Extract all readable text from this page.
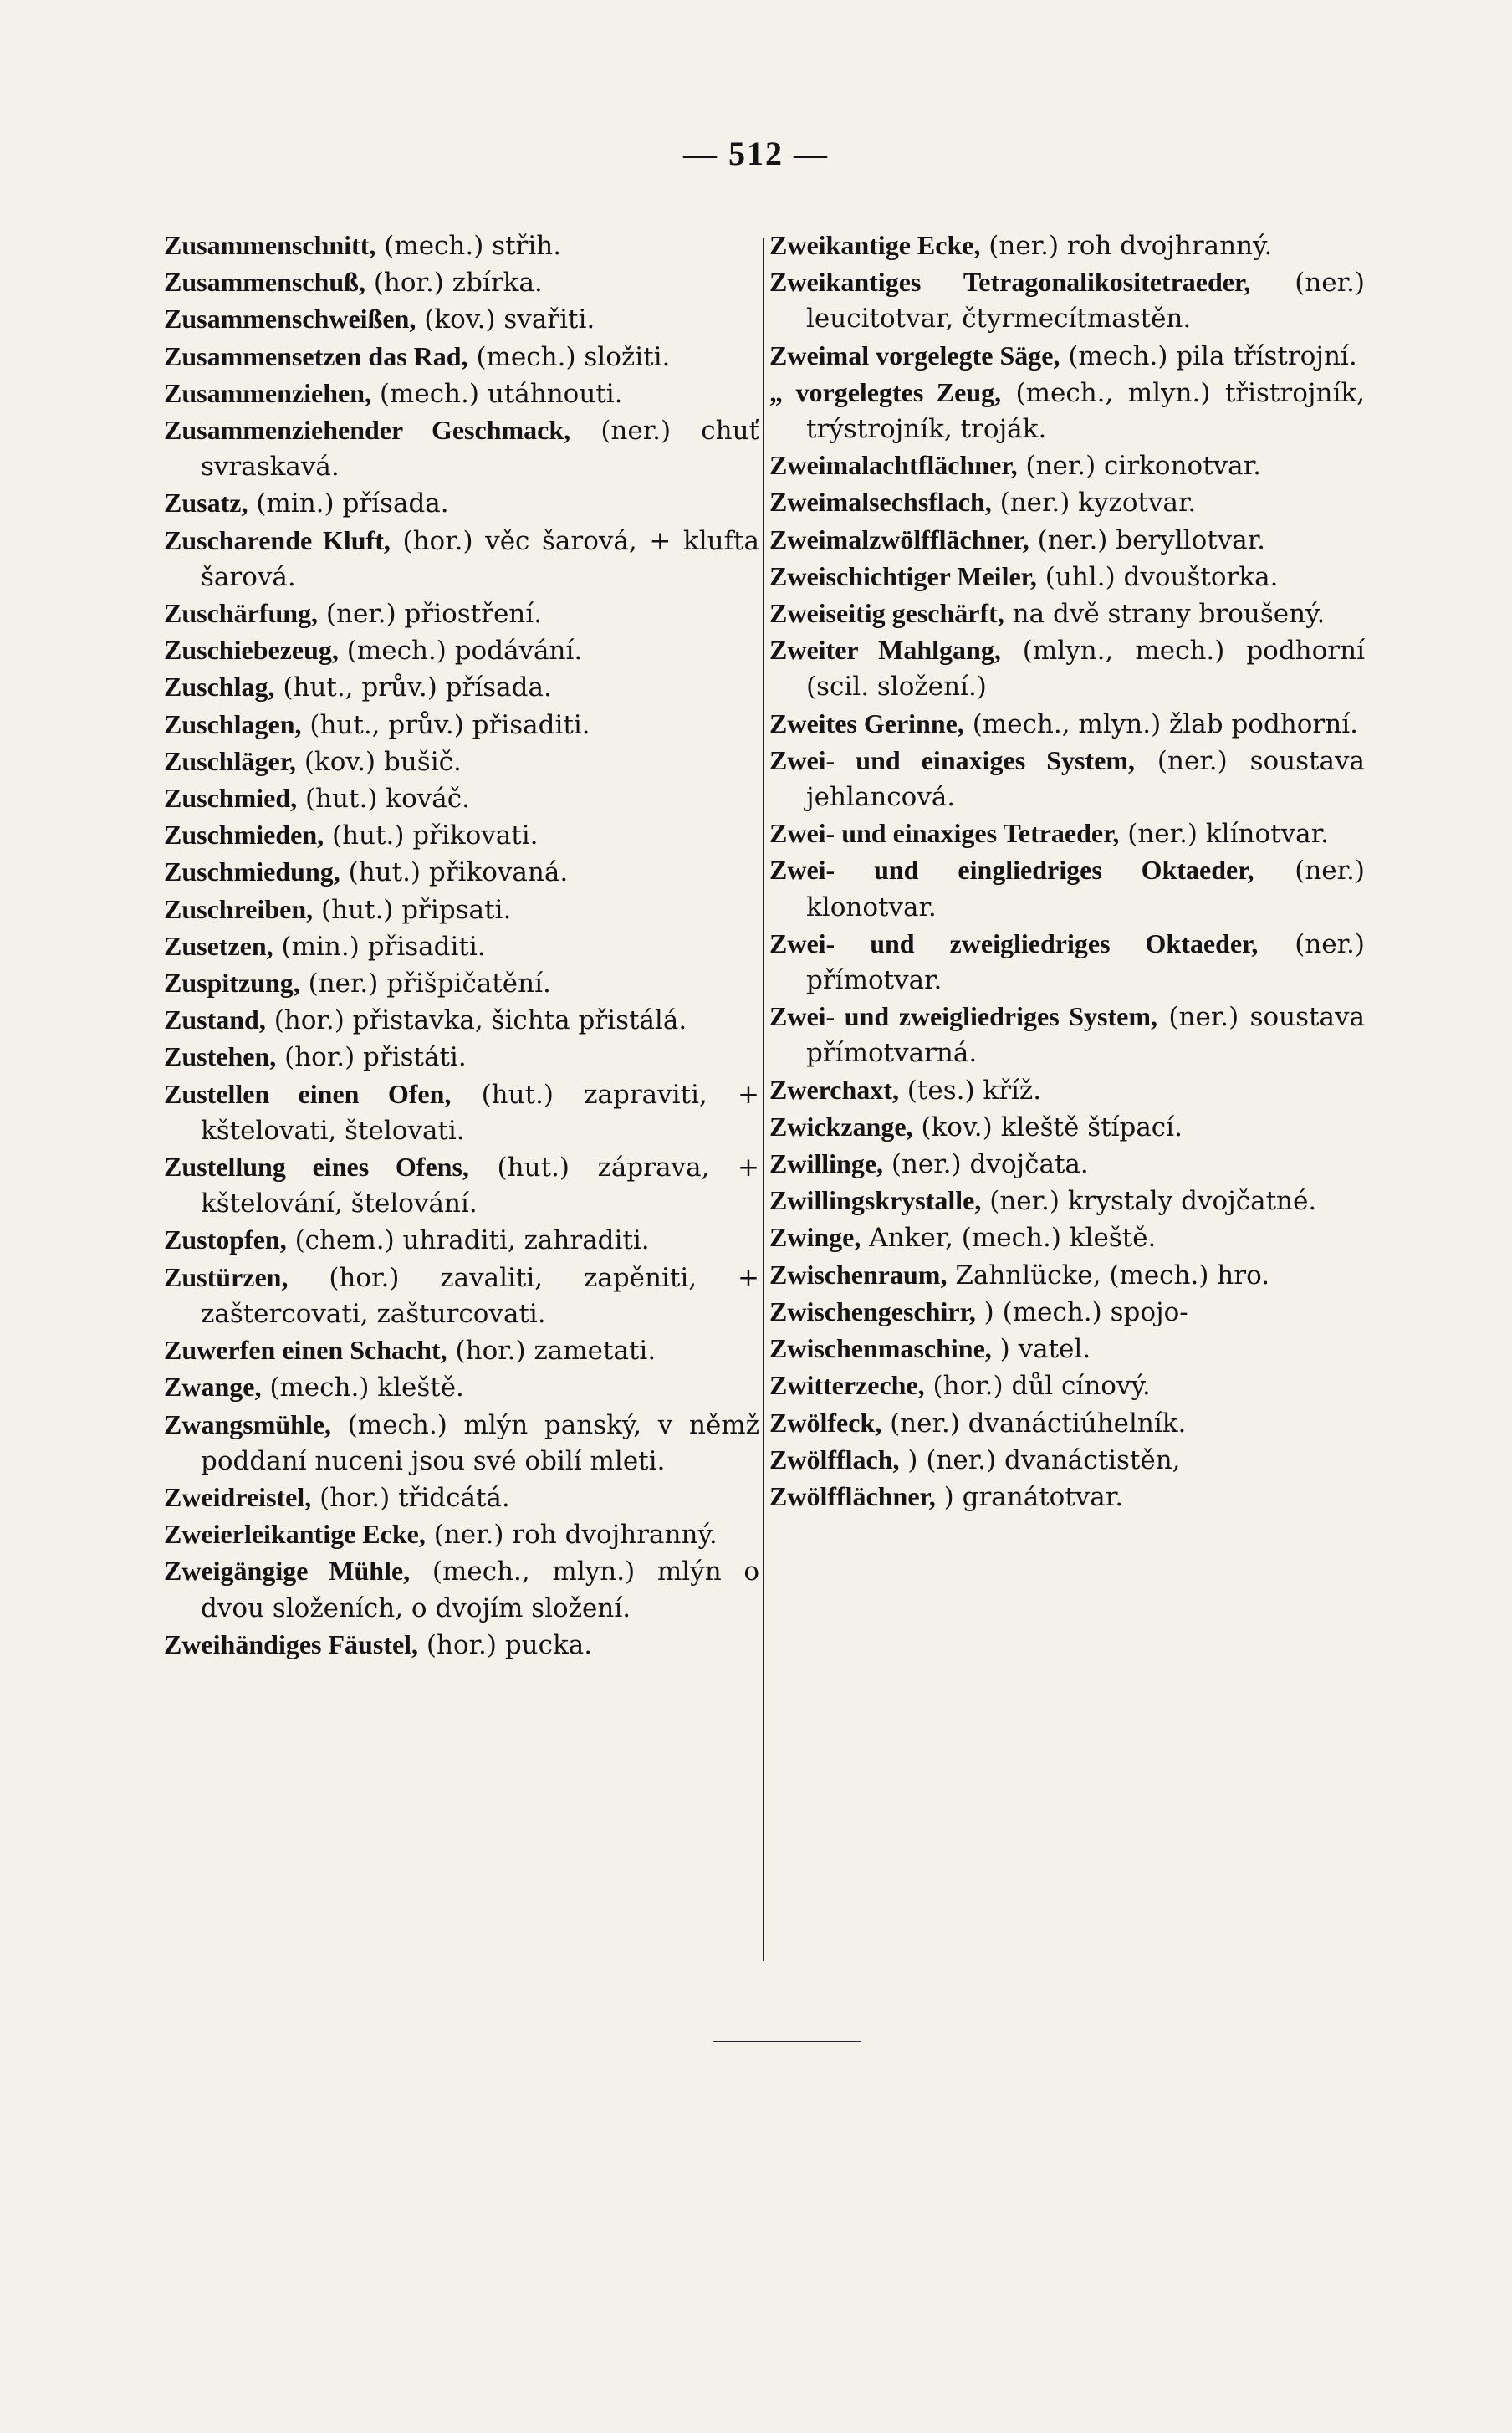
— 512 —

Zusammenschnitt, (mech.) střih.

Zusammenschuß, (hor.) zbírka.

Zusammenschweißen, (kov.) svařiti.

Zusammensetzen das Rad, (mech.) složiti.

Zusammenziehen, (mech.) utáhnouti.

Zusammenziehender Geschmack, (ner.) chuť svraskavá.

Zusatz, (min.) přísada.

Zuscharende Kluft, (hor.) věc šarová, + klufta šarová.

Zuschärfung, (ner.) přiostření.

Zuschiebezeug, (mech.) podávání.

Zuschlag, (hut., prův.) přísada.

Zuschlagen, (hut., prův.) přisaditi.

Zuschläger, (kov.) bušič.

Zuschmied, (hut.) kováč.

Zuschmieden, (hut.) přikovati.

Zuschmiedung, (hut.) přikovaná.

Zuschreiben, (hut.) připsati.

Zusetzen, (min.) přisaditi.

Zuspitzung, (ner.) přišpičatění.

Zustand, (hor.) přistavka, šichta přistálá.

Zustehen, (hor.) přistáti.

Zustellen einen Ofen, (hut.) zapraviti, + kštelovati, štelovati.

Zustellung eines Ofens, (hut.) záprava, + kštelování, štelování.

Zustopfen, (chem.) uhraditi, zahraditi.

Zustürzen, (hor.) zavaliti, zapěniti, + zaštercovati, zašturcovati.

Zuwerfen einen Schacht, (hor.) zametati.

Zwange, (mech.) kleště.

Zwangsmühle, (mech.) mlýn panský, v němž poddaní nuceni jsou své obilí mleti.

Zweidreistel, (hor.) třidcátá.

Zweierleikantige Ecke, (ner.) roh dvojhranný.

Zweigängige Mühle, (mech., mlyn.) mlýn o dvou složeních, o dvojím složení.

Zweihändiges Fäustel, (hor.) pucka.

Zweikantige Ecke, (ner.) roh dvojhranný.

Zweikantiges Tetragonalikositetraeder, (ner.) leucitotvar, čtyrmecítmastěn.

Zweimal vorgelegte Säge, (mech.) pila třístrojní.

„ vorgelegtes Zeug, (mech., mlyn.) třistrojník, trýstrojník, troják.

Zweimalachtflächner, (ner.) cirkonotvar.

Zweimalsechsflach, (ner.) kyzotvar.

Zweimalzwölfflächner, (ner.) beryllotvar.

Zweischichtiger Meiler, (uhl.) dvouštorka.

Zweiseitig geschärft, na dvě strany broušený.

Zweiter Mahlgang, (mlyn., mech.) podhorní (scil. složení.)

Zweites Gerinne, (mech., mlyn.) žlab podhorní.

Zwei- und einaxiges System, (ner.) soustava jehlancová.

Zwei- und einaxiges Tetraeder, (ner.) klínotvar.

Zwei- und eingliedriges Oktaeder, (ner.) klonotvar.

Zwei- und zweigliedriges Oktaeder, (ner.) přímotvar.

Zwei- und zweigliedriges System, (ner.) soustava přímotvarná.

Zwerchaxt, (tes.) kříž.

Zwickzange, (kov.) kleště štípací.

Zwillinge, (ner.) dvojčata.

Zwillingskrystalle, (ner.) krystaly dvojčatné.

Zwinge, Anker, (mech.) kleště.

Zwischenraum, Zahnlücke, (mech.) hro.

Zwischengeschirr, ) (mech.) spojo-

Zwischenmaschine, ) vatel.

Zwitterzeche, (hor.) důl cínový.

Zwölfeck, (ner.) dvanáctiúhelník.

Zwölfflach, ) (ner.) dvanáctistěn,

Zwölfflächner, ) granátotvar.
